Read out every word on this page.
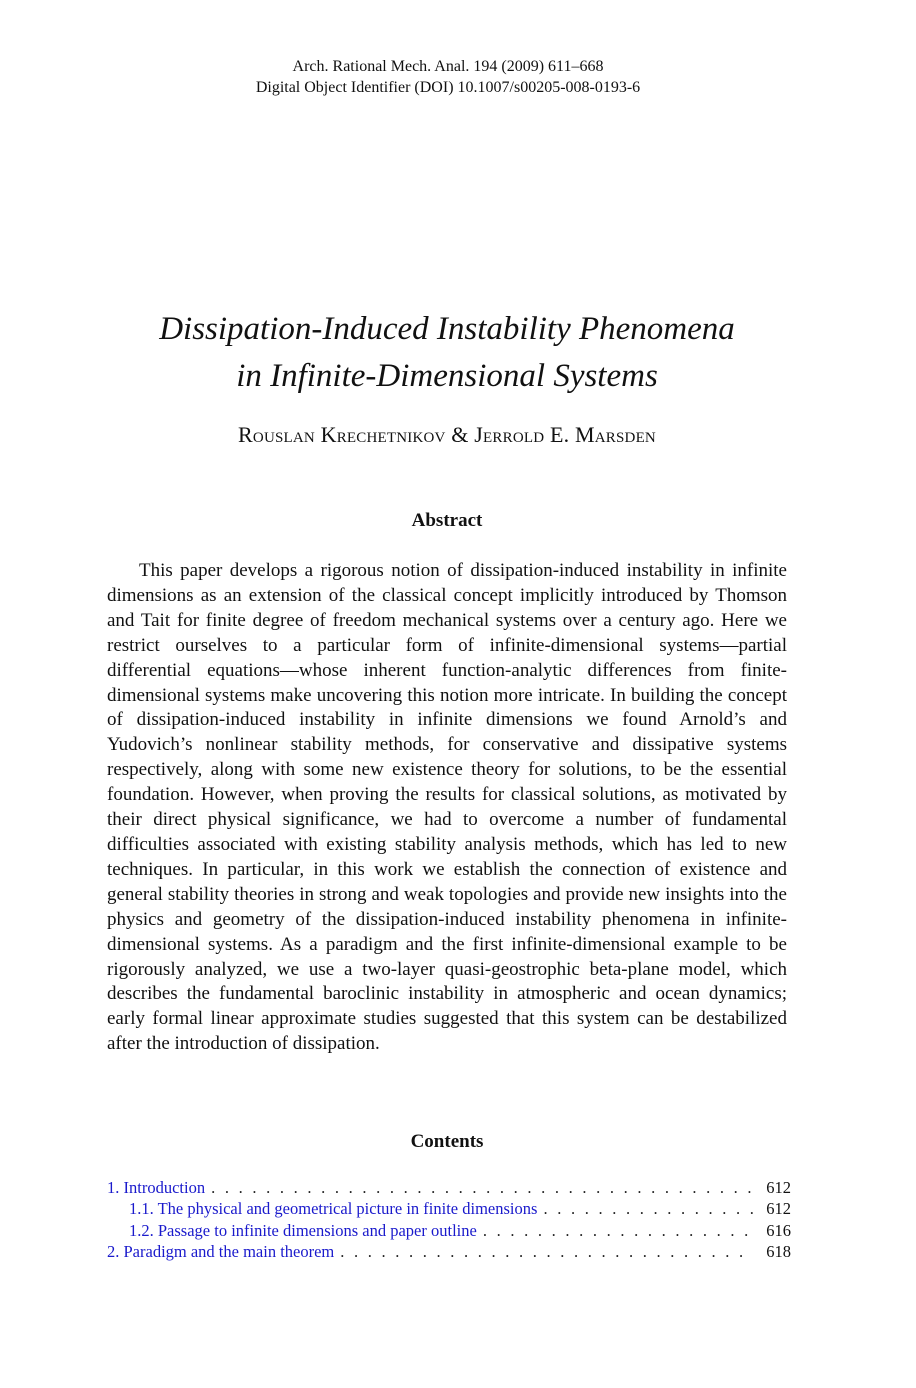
Arch. Rational Mech. Anal. 194 (2009) 611–668
Digital Object Identifier (DOI) 10.1007/s00205-008-0193-6
Dissipation-Induced Instability Phenomena
in Infinite-Dimensional Systems
Rouslan Krechetnikov & Jerrold E. Marsden
Abstract

This paper develops a rigorous notion of dissipation-induced instability in infinite dimensions as an extension of the classical concept implicitly introduced by Thomson and Tait for finite degree of freedom mechanical systems over a century ago. Here we restrict ourselves to a particular form of infinite-dimensional systems—partial differential equations—whose inherent function-analytic differences from finite-dimensional systems make uncovering this notion more intricate. In building the concept of dissipation-induced instability in infinite dimensions we found Arnold’s and Yudovich’s nonlinear stability methods, for conservative and dissipative systems respectively, along with some new existence theory for solutions, to be the essential foundation. However, when proving the results for classical solutions, as motivated by their direct physical significance, we had to overcome a number of fundamental difficulties associated with existing stability analysis methods, which has led to new techniques. In particular, in this work we establish the connection of existence and general stability theories in strong and weak topologies and provide new insights into the physics and geometry of the dissipation-induced instability phenomena in infinite-dimensional systems. As a paradigm and the first infinite-dimensional example to be rigorously analyzed, we use a two-layer quasi-geostrophic beta-plane model, which describes the fundamental baroclinic instability in atmospheric and ocean dynamics; early formal linear approximate studies suggested that this system can be destabilized after the introduction of dissipation.

Contents
1. Introduction . . .	612
1.1. The physical and geometrical picture in finite dimensions . . .	612
1.2. Passage to infinite dimensions and paper outline . . .	616
2. Paradigm and the main theorem . . .	618
